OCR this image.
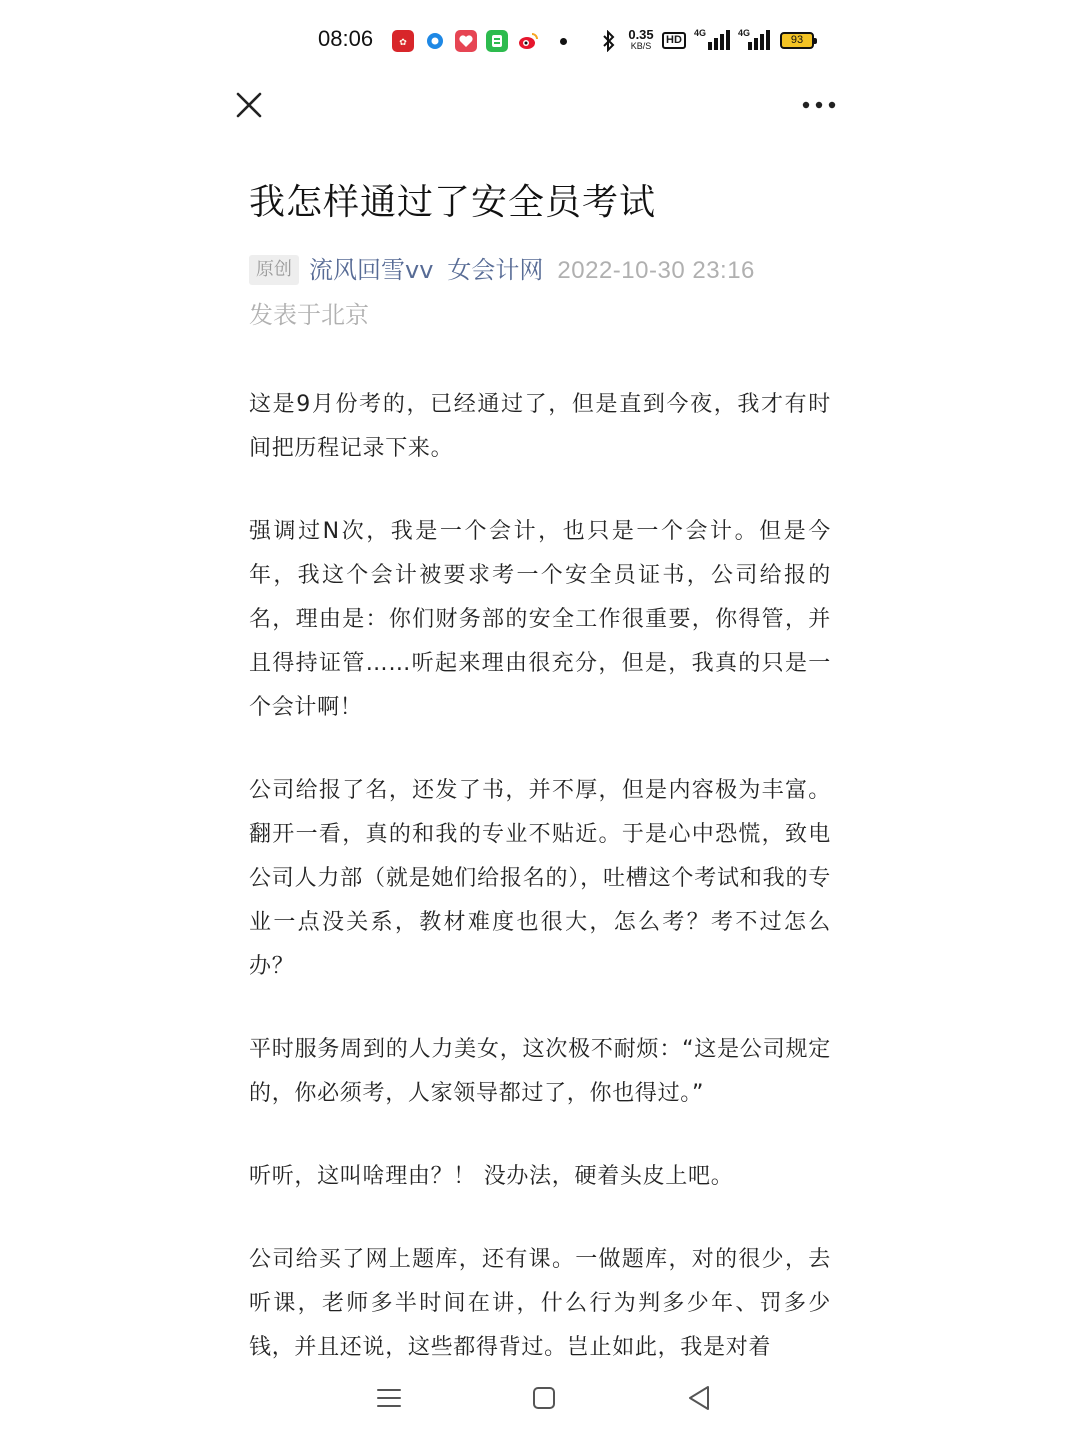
08:06	✿
0.35
KB/S	HD
4G	4G
93
我怎样通过了安全员考试
原创 流风回雪vv 女会计网 2022-10-30 23:16
发表于北京

这是9月份考的，已经通过了，但是直到今夜，我才有时间把历程记录下来。

强调过N次，我是一个会计，也只是一个会计。但是今年，我这个会计被要求考一个安全员证书，公司给报的名，理由是：你们财务部的安全工作很重要，你得管，并且得持证管……听起来理由很充分，但是，我真的只是一个会计啊！

公司给报了名，还发了书，并不厚，但是内容极为丰富。翻开一看，真的和我的专业不贴近。于是心中恐慌，致电公司人力部（就是她们给报名的），吐槽这个考试和我的专业一点没关系，教材难度也很大，怎么考？考不过怎么办？

平时服务周到的人力美女，这次极不耐烦：“这是公司规定的，你必须考，人家领导都过了，你也得过。”

听听，这叫啥理由？！ 没办法，硬着头皮上吧。

公司给买了网上题库，还有课。一做题库，对的很少，去听课，老师多半时间在讲，什么行为判多少年、罚多少钱，并且还说，这些都得背过。岂止如此，我是对着
